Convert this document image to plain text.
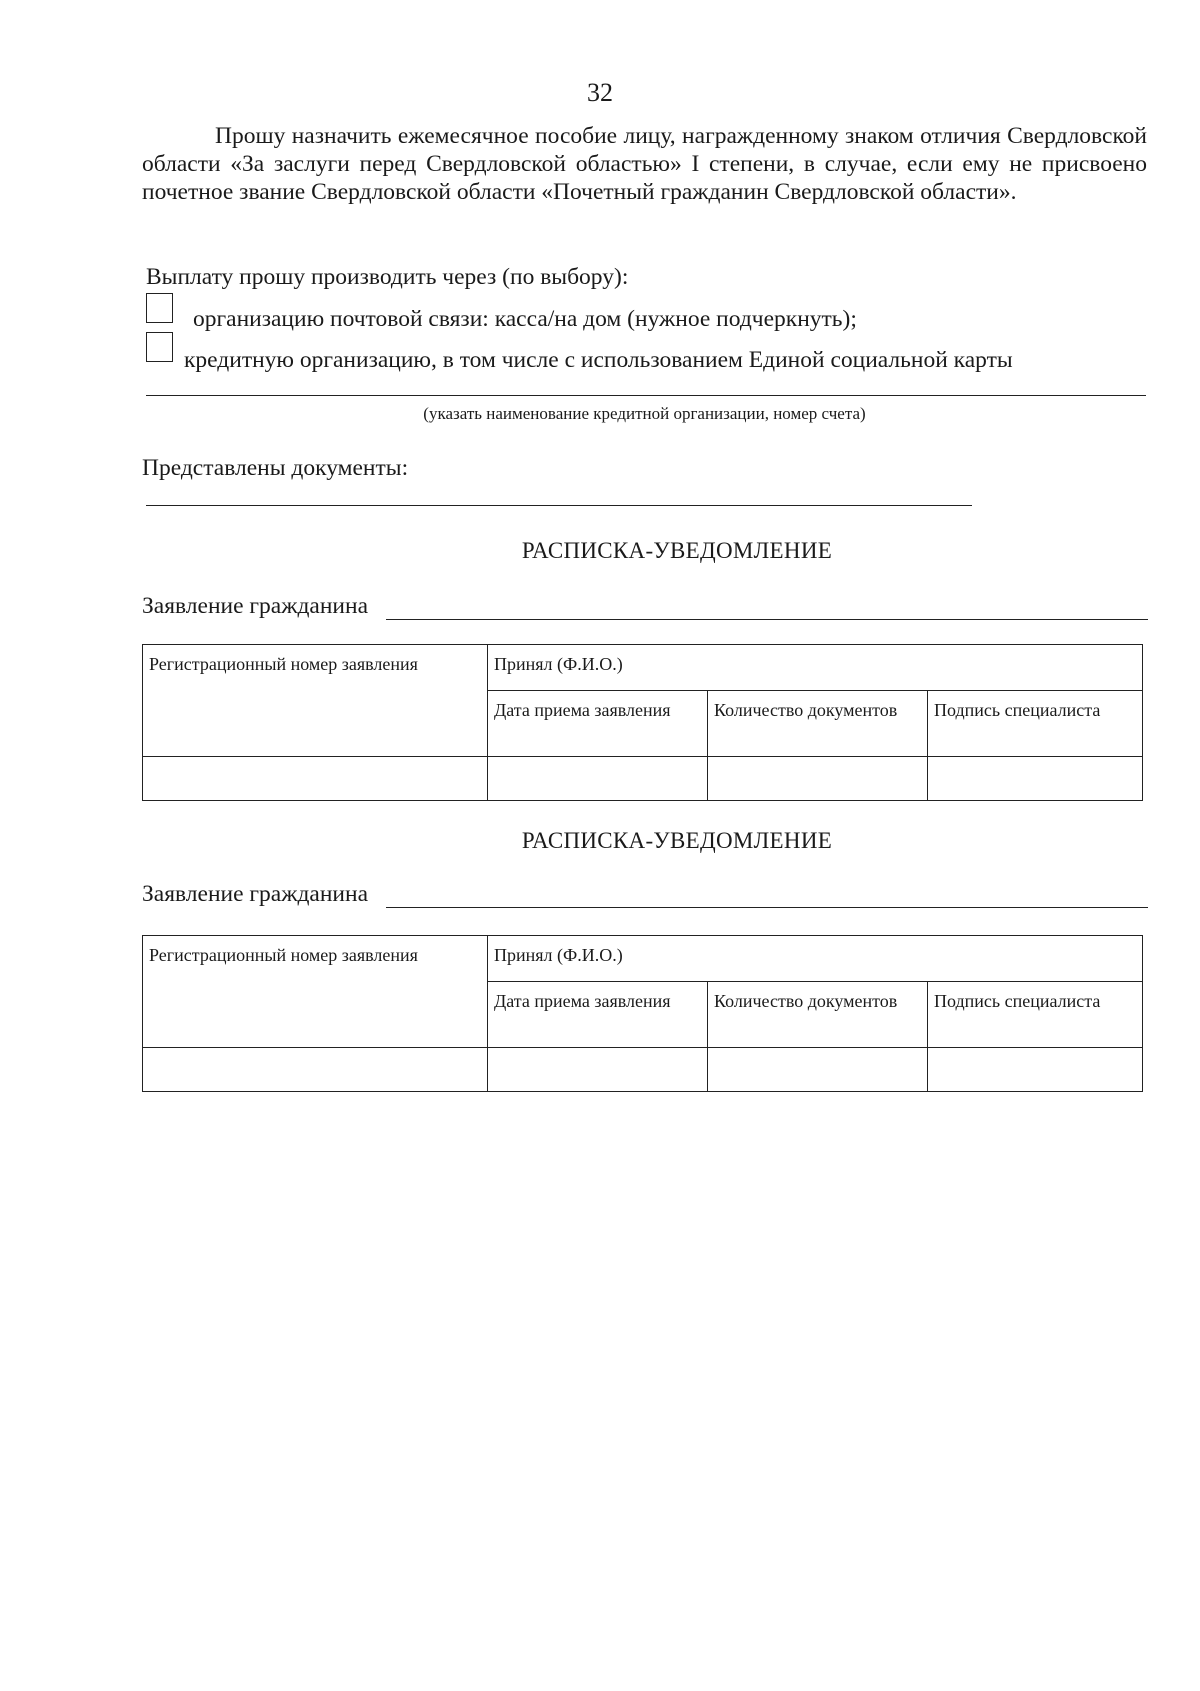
32
Прошу назначить ежемесячное пособие лицу, награжденному знаком отличия Свердловской области «За заслуги перед Свердловской областью» I степени, в случае, если ему не присвоено почетное звание Свердловской области «Почетный гражданин Свердловской области».
Выплату прошу производить через (по выбору):
организацию почтовой связи: касса/на дом (нужное подчеркнуть);
кредитную организацию, в том числе с использованием Единой социальной карты
(указать наименование кредитной организации, номер счета)
Представлены документы:
РАСПИСКА-УВЕДОМЛЕНИЕ
Заявление гражданина
Регистрационный номер заявления	Принял (Ф.И.О.)		
	Дата приема заявления	Количество документов	Подпись специалиста

РАСПИСКА-УВЕДОМЛЕНИЕ
Заявление гражданина
Регистрационный номер заявления	Принял (Ф.И.О.)		
	Дата приема заявления	Количество документов	Подпись специалиста
